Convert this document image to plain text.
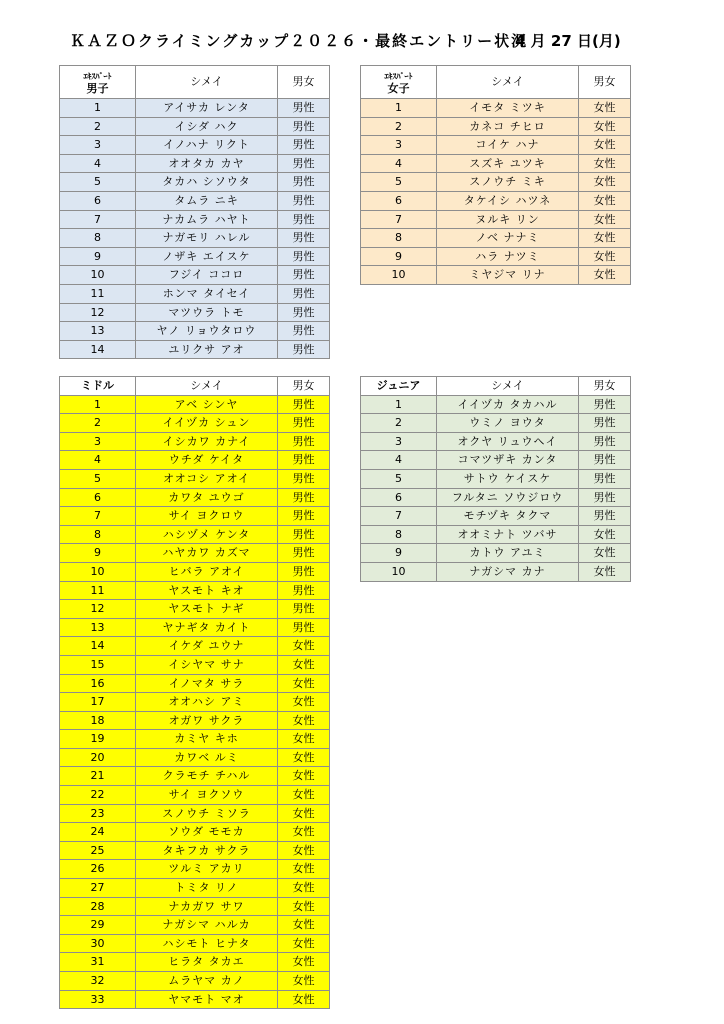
ＫＡＺＯクライミングカップ２０２６・最終エントリー状況
4 月 27 日(月)
ｴｷｽﾊﾟｰﾄ
男子	シメイ	男女
1	アイサカ レンタ	男性
2	イシダ ハク	男性
3	イノハナ リクト	男性
4	オオタカ カヤ	男性
5	タカハ シソウタ	男性
6	タムラ ニキ	男性
7	ナカムラ ハヤト	男性
8	ナガモリ ハレル	男性
9	ノザキ エイスケ	男性
10	フジイ ココロ	男性
11	ホンマ タイセイ	男性
12	マツウラ トモ	男性
13	ヤノ リョウタロウ	男性
14	ユリクサ アオ	男性
ｴｷｽﾊﾟｰﾄ
女子	シメイ	男女
1	イモタ ミツキ	女性
2	カネコ チヒロ	女性
3	コイケ ハナ	女性
4	スズキ ユツキ	女性
5	スノウチ ミキ	女性
6	タケイシ ハツネ	女性
7	ヌルキ リン	女性
8	ノベ ナナミ	女性
9	ハラ ナツミ	女性
10	ミヤジマ リナ	女性
ミドル	シメイ	男女
1	アベ シンヤ	男性
2	イイヅカ シュン	男性
3	イシカワ カナイ	男性
4	ウチダ ケイタ	男性
5	オオコシ アオイ	男性
6	カワタ ユウゴ	男性
7	サイ ヨクロウ	男性
8	ハシヅメ ケンタ	男性
9	ハヤカワ カズマ	男性
10	ヒバラ アオイ	男性
11	ヤスモト キオ	男性
12	ヤスモト ナギ	男性
13	ヤナギタ カイト	男性
14	イケダ ユウナ	女性
15	イシヤマ サナ	女性
16	イノマタ サラ	女性
17	オオハシ アミ	女性
18	オガワ サクラ	女性
19	カミヤ キホ	女性
20	カワベ ルミ	女性
21	クラモチ チハル	女性
22	サイ ヨクソウ	女性
23	スノウチ ミソラ	女性
24	ソウダ モモカ	女性
25	タキフカ サクラ	女性
26	ツルミ アカリ	女性
27	トミタ リノ	女性
28	ナカガワ サワ	女性
29	ナガシマ ハルカ	女性
30	ハシモト ヒナタ	女性
31	ヒラタ タカエ	女性
32	ムラヤマ カノ	女性
33	ヤマモト マオ	女性
ジュニア	シメイ	男女
1	イイヅカ タカハル	男性
2	ウミノ ヨウタ	男性
3	オクヤ リュウヘイ	男性
4	コマツザキ カンタ	男性
5	サトウ ケイスケ	男性
6	フルタニ ソウジロウ	男性
7	モチヅキ タクマ	男性
8	オオミナト ツバサ	女性
9	カトウ アユミ	女性
10	ナガシマ カナ	女性
